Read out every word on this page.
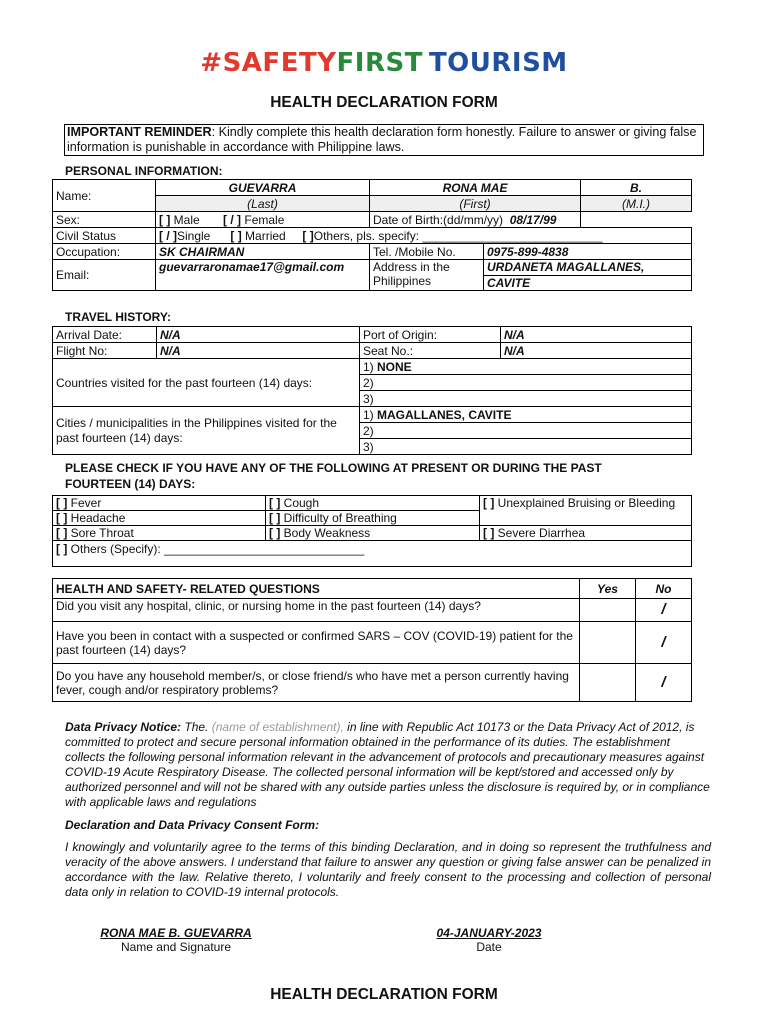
#SAFETYFIRST TOURISM
HEALTH DECLARATION FORM
IMPORTANT REMINDER: Kindly complete this health declaration form honestly. Failure to answer or giving false information is punishable in accordance with Philippine laws.
PERSONAL INFORMATION:
Name:	GUEVARRA	RONA MAE		B.
	(Last)	(First)		(M.I.)
Sex:	[ ] Male [ / ] Female	Date of Birth:(dd/mm/yy) 08/17/99		
Civil Status	[ / ]Single [ ] Married [ ]Others, pls. specify: ___________________________			
Occupation:	SK CHAIRMAN	Tel. /Mobile No.	0975-899-4838	
Email:	guevarraronamae17@gmail.com	Address in the Philippines	URDANETA MAGALLANES,
CAVITE	
TRAVEL HISTORY:
Arrival Date:	N/A	Port of Origin:	N/A
Flight No:	N/A	Seat No.:	N/A
Countries visited for the past fourteen (14) days:		1) NONE	
		2)	
		3)	
Cities / municipalities in the Philippines visited for the past fourteen (14) days:		1) MAGALLANES, CAVITE	
		2)	
		3)	
PLEASE CHECK IF YOU HAVE ANY OF THE FOLLOWING AT PRESENT OR DURING THE PAST FOURTEEN (14) DAYS:
[ ] Fever	[ ] Cough	[ ] Unexplained Bruising or Bleeding
[ ] Headache	[ ] Difficulty of Breathing	
[ ] Sore Throat	[ ] Body Weakness	[ ] Severe Diarrhea
[ ] Others (Specify): ______________________________		
HEALTH AND SAFETY- RELATED QUESTIONS	Yes	No
Did you visit any hospital, clinic, or nursing home in the past fourteen (14) days?		/
Have you been in contact with a suspected or confirmed SARS – COV (COVID-19) patient for the past fourteen (14) days?		/
Do you have any household member/s, or close friend/s who have met a person currently having fever, cough and/or respiratory problems?		/
Data Privacy Notice: The. (name of establishment), in line with Republic Act 10173 or the Data Privacy Act of 2012, is committed to protect and secure personal information obtained in the performance of its duties. The establishment collects the following personal information relevant in the advancement of protocols and precautionary measures against COVID-19 Acute Respiratory Disease. The collected personal information will be kept/stored and accessed only by authorized personnel and will not be shared with any outside parties unless the disclosure is required by, or in compliance with applicable laws and regulations
Declaration and Data Privacy Consent Form:
I knowingly and voluntarily agree to the terms of this binding Declaration, and in doing so represent the truthfulness and veracity of the above answers. I understand that failure to answer any question or giving false answer can be penalized in accordance with the law. Relative thereto, I voluntarily and freely consent to the processing and collection of personal data only in relation to COVID-19 internal protocols.
RONA MAE B. GUEVARRA
Name and Signature
04-JANUARY-2023
Date
HEALTH DECLARATION FORM
